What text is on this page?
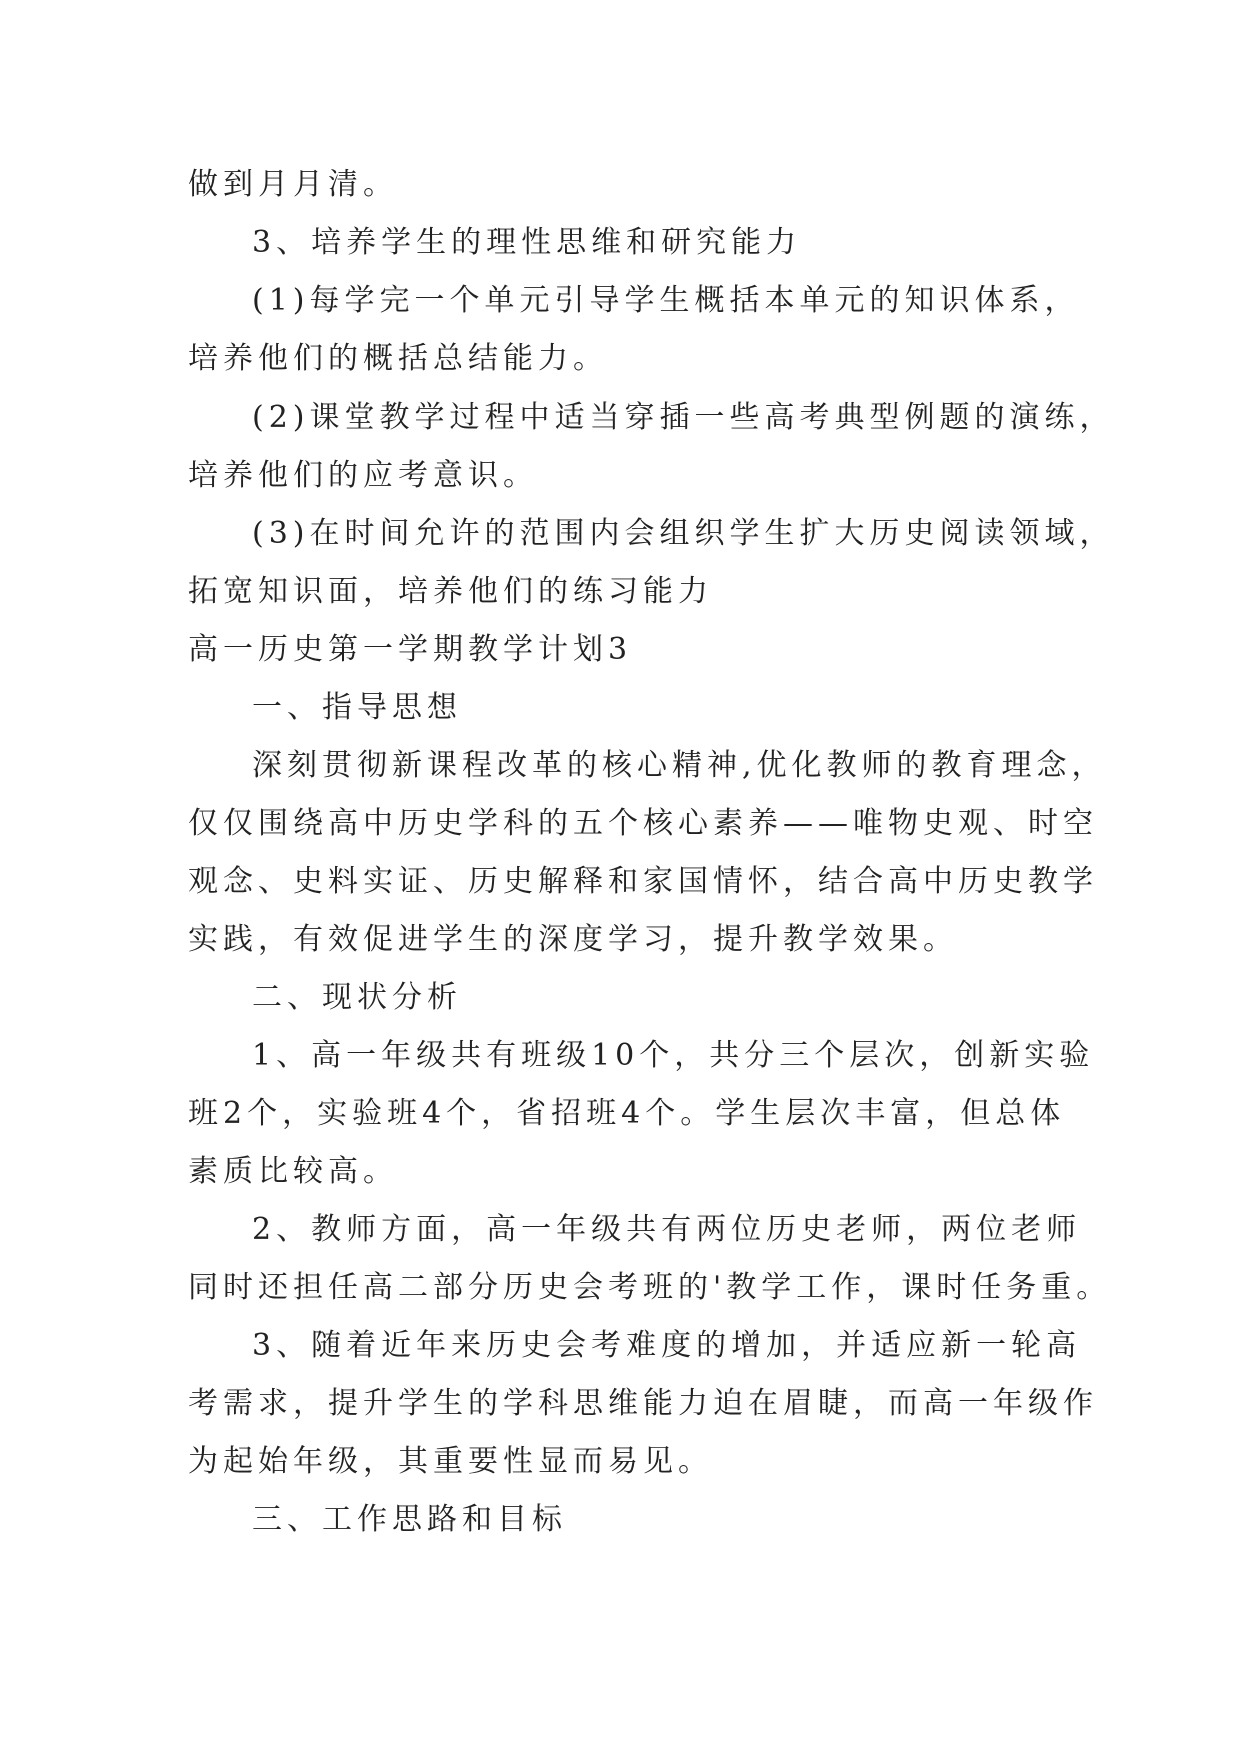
做到月月清。
3、培养学生的理性思维和研究能力
(1)每学完一个单元引导学生概括本单元的知识体系，
培养他们的概括总结能力。
(2)课堂教学过程中适当穿插一些高考典型例题的演练，
培养他们的应考意识。
(3)在时间允许的范围内会组织学生扩大历史阅读领域，
拓宽知识面，培养他们的练习能力
高一历史第一学期教学计划3
一、指导思想
深刻贯彻新课程改革的核心精神,优化教师的教育理念，
仅仅围绕高中历史学科的五个核心素养——唯物史观、时空
观念、史料实证、历史解释和家国情怀，结合高中历史教学
实践，有效促进学生的深度学习，提升教学效果。
二、现状分析
1、高一年级共有班级10个，共分三个层次，创新实验
班2个，实验班4个，省招班4个。学生层次丰富，但总体
素质比较高。
2、教师方面，高一年级共有两位历史老师，两位老师
同时还担任高二部分历史会考班的'教学工作，课时任务重。
3、随着近年来历史会考难度的增加，并适应新一轮高
考需求，提升学生的学科思维能力迫在眉睫，而高一年级作
为起始年级，其重要性显而易见。
三、工作思路和目标
